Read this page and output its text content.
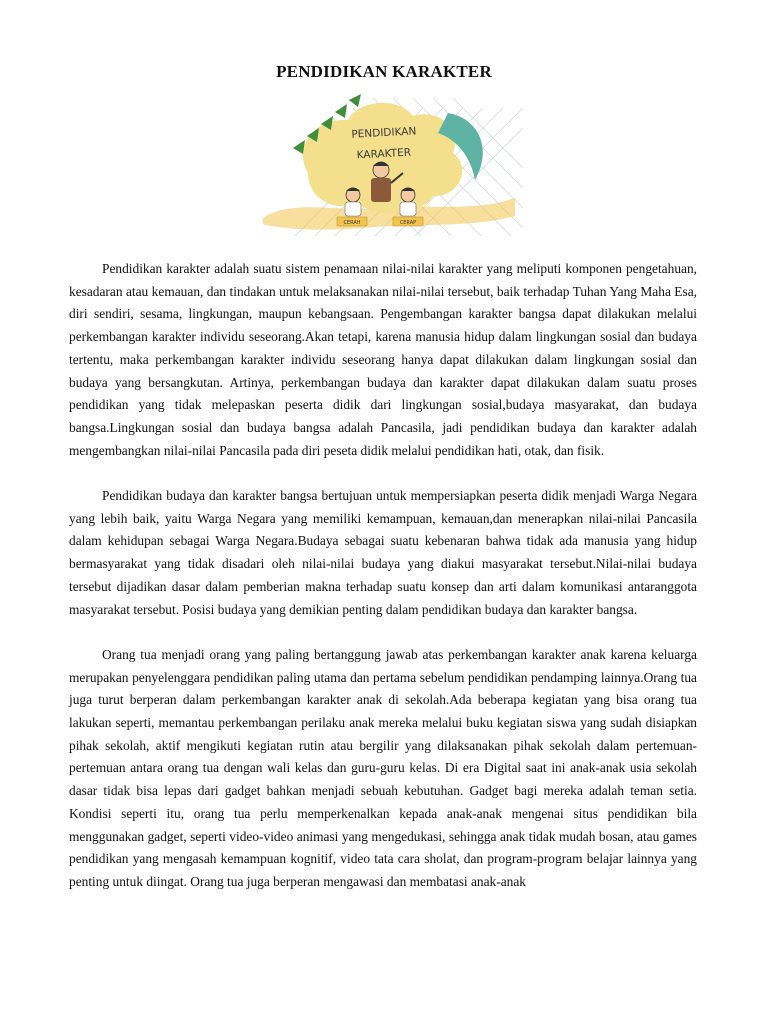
PENDIDIKAN KARAKTER
PENDIDIKAN
KARAKTER
CERAH	CERAP

Pendidikan karakter adalah suatu sistem penamaan nilai-nilai karakter yang meliputi komponen pengetahuan, kesadaran atau kemauan, dan tindakan untuk melaksanakan nilai-nilai tersebut, baik terhadap Tuhan Yang Maha Esa, diri sendiri, sesama, lingkungan, maupun kebangsaan. Pengembangan karakter bangsa dapat dilakukan melalui perkembangan karakter individu seseorang.Akan tetapi, karena manusia hidup dalam lingkungan sosial dan budaya tertentu, maka perkembangan karakter individu seseorang hanya dapat dilakukan dalam lingkungan sosial dan budaya yang bersangkutan. Artinya, perkembangan budaya dan karakter dapat dilakukan dalam suatu proses pendidikan yang tidak melepaskan peserta didik dari lingkungan sosial,budaya masyarakat, dan budaya bangsa.Lingkungan sosial dan budaya bangsa adalah Pancasila, jadi pendidikan budaya dan karakter adalah mengembangkan nilai-nilai Pancasila pada diri peseta didik melalui pendidikan hati, otak, dan fisik.

Pendidikan budaya dan karakter bangsa bertujuan untuk mempersiapkan peserta didik menjadi Warga Negara yang lebih baik, yaitu Warga Negara yang memiliki kemampuan, kemauan,dan menerapkan nilai-nilai Pancasila dalam kehidupan sebagai Warga Negara.Budaya sebagai suatu kebenaran bahwa tidak ada manusia yang hidup bermasyarakat yang tidak disadari oleh nilai-nilai budaya yang diakui masyarakat tersebut.Nilai-nilai budaya tersebut dijadikan dasar dalam pemberian makna terhadap suatu konsep dan arti dalam komunikasi antaranggota masyarakat tersebut. Posisi budaya yang demikian penting dalam pendidikan budaya dan karakter bangsa.

Orang tua menjadi orang yang paling bertanggung jawab atas perkembangan karakter anak karena keluarga merupakan penyelenggara pendidikan paling utama dan pertama sebelum pendidikan pendamping lainnya.Orang tua juga turut berperan dalam perkembangan karakter anak di sekolah.Ada beberapa kegiatan yang bisa orang tua lakukan seperti, memantau perkembangan perilaku anak mereka melalui buku kegiatan siswa yang sudah disiapkan pihak sekolah, aktif mengikuti kegiatan rutin atau bergilir yang dilaksanakan pihak sekolah dalam pertemuan-pertemuan antara orang tua dengan wali kelas dan guru-guru kelas. Di era Digital saat ini anak-anak usia sekolah dasar tidak bisa lepas dari gadget bahkan menjadi sebuah kebutuhan. Gadget bagi mereka adalah teman setia. Kondisi seperti itu, orang tua perlu memperkenalkan kepada anak-anak mengenai situs pendidikan bila menggunakan gadget, seperti video-video animasi yang mengedukasi, sehingga anak tidak mudah bosan, atau games pendidikan yang mengasah kemampuan kognitif, video tata cara sholat, dan program-program belajar lainnya yang penting untuk diingat. Orang tua juga berperan mengawasi dan membatasi anak-anak
